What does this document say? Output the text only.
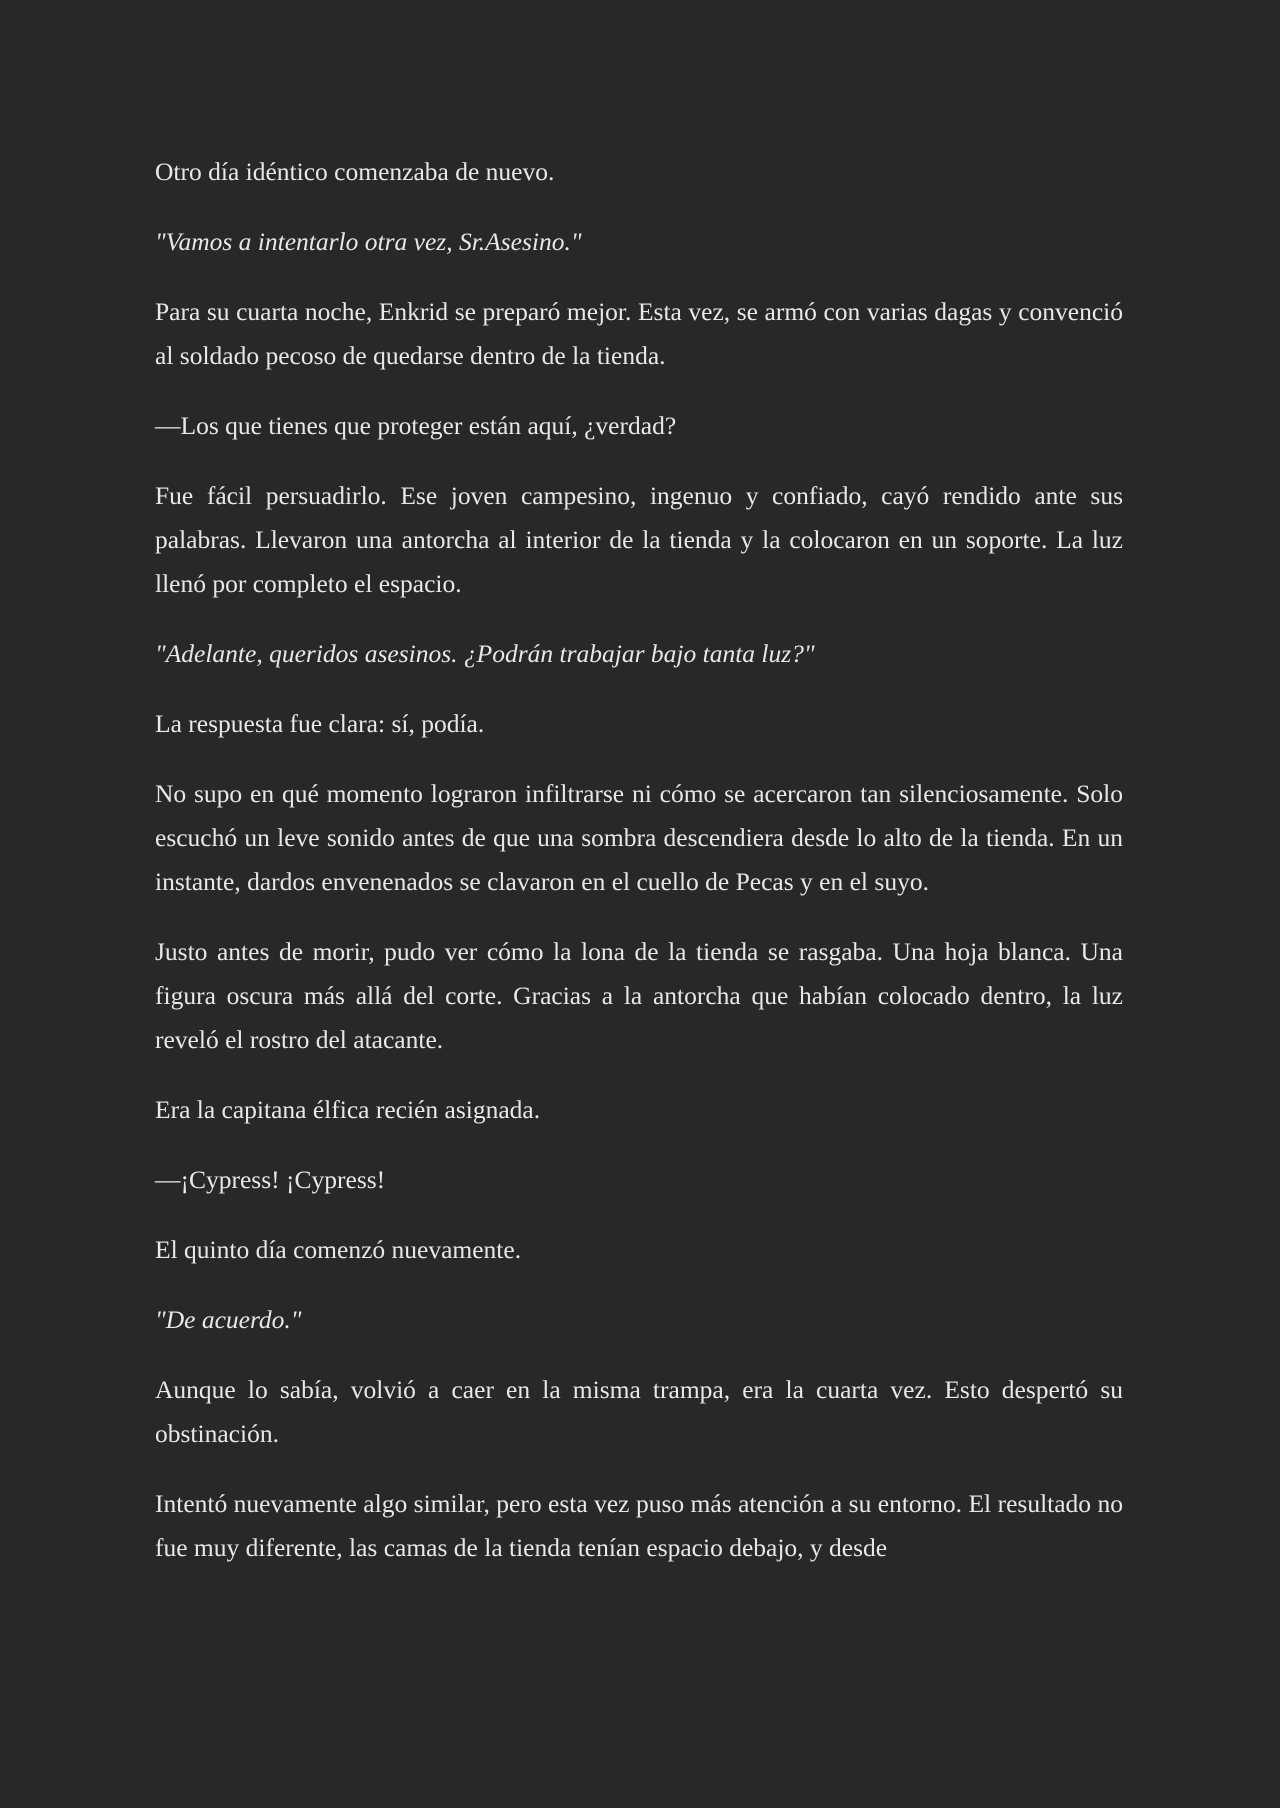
Otro día idéntico comenzaba de nuevo.

"Vamos a intentarlo otra vez, Sr.Asesino."

Para su cuarta noche, Enkrid se preparó mejor. Esta vez, se armó con varias dagas y convenció al soldado pecoso de quedarse dentro de la tienda.

—Los que tienes que proteger están aquí, ¿verdad?

Fue fácil persuadirlo. Ese joven campesino, ingenuo y confiado, cayó rendido ante sus palabras. Llevaron una antorcha al interior de la tienda y la colocaron en un soporte. La luz llenó por completo el espacio.

"Adelante, queridos asesinos. ¿Podrán trabajar bajo tanta luz?"

La respuesta fue clara: sí, podía.

No supo en qué momento lograron infiltrarse ni cómo se acercaron tan silenciosamente. Solo escuchó un leve sonido antes de que una sombra descendiera desde lo alto de la tienda. En un instante, dardos envenenados se clavaron en el cuello de Pecas y en el suyo.

Justo antes de morir, pudo ver cómo la lona de la tienda se rasgaba. Una hoja blanca. Una figura oscura más allá del corte. Gracias a la antorcha que habían colocado dentro, la luz reveló el rostro del atacante.

Era la capitana élfica recién asignada.

—¡Cypress! ¡Cypress!

El quinto día comenzó nuevamente.

"De acuerdo."

Aunque lo sabía, volvió a caer en la misma trampa, era la cuarta vez. Esto despertó su obstinación.

Intentó nuevamente algo similar, pero esta vez puso más atención a su entorno. El resultado no fue muy diferente, las camas de la tienda tenían espacio debajo, y desde
